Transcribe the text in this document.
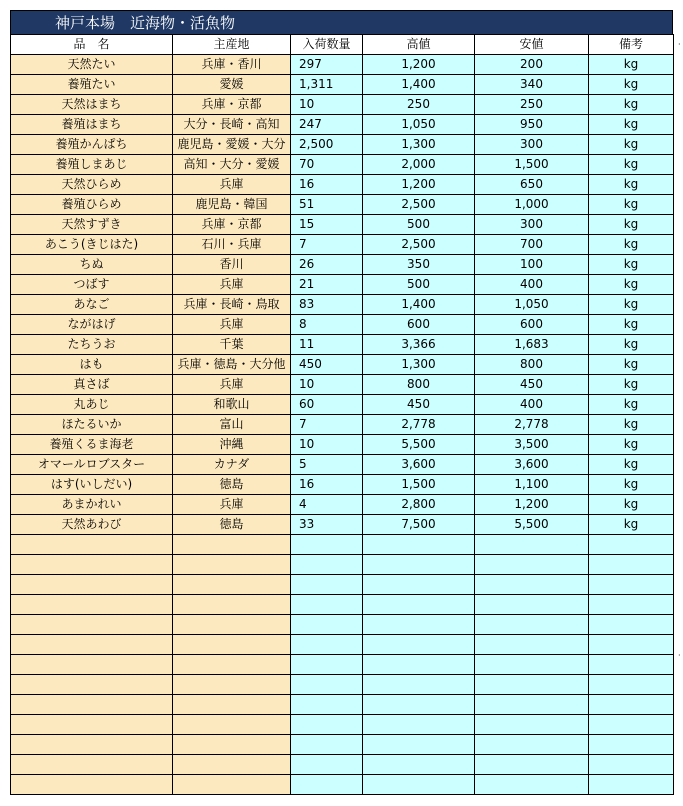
神戸本場　近海物・活魚物
品　名	主産地	入荷数量	高値	安値	備考
天然たい	兵庫・香川	297	1,200	200	kg
養殖たい	愛媛	1,311	1,400	340	kg
天然はまち	兵庫・京都	10	250	250	kg
養殖はまち	大分・長崎・高知	247	1,050	950	kg
養殖かんぱち	鹿児島・愛媛・大分	2,500	1,300	300	kg
養殖しまあじ	高知・大分・愛媛	70	2,000	1,500	kg
天然ひらめ	兵庫	16	1,200	650	kg
養殖ひらめ	鹿児島・韓国	51	2,500	1,000	kg
天然すずき	兵庫・京都	15	500	300	kg
あこう(きじはた)	石川・兵庫	7	2,500	700	kg
ちぬ	香川	26	350	100	kg
つばす	兵庫	21	500	400	kg
あなご	兵庫・長崎・鳥取	83	1,400	1,050	kg
ながはげ	兵庫	8	600	600	kg
たちうお	千葉	11	3,366	1,683	kg
はも	兵庫・徳島・大分他	450	1,300	800	kg
真さば	兵庫	10	800	450	kg
丸あじ	和歌山	60	450	400	kg
ほたるいか	富山	7	2,778	2,778	kg
養殖くるま海老	沖縄	10	5,500	3,500	kg
オマールロブスター	カナダ	5	3,600	3,600	kg
はす(いしだい)	徳島	16	1,500	1,100	kg
あまかれい	兵庫	4	2,800	1,200	kg
天然あわび	徳島	33	7,500	5,500	kg

·
·
